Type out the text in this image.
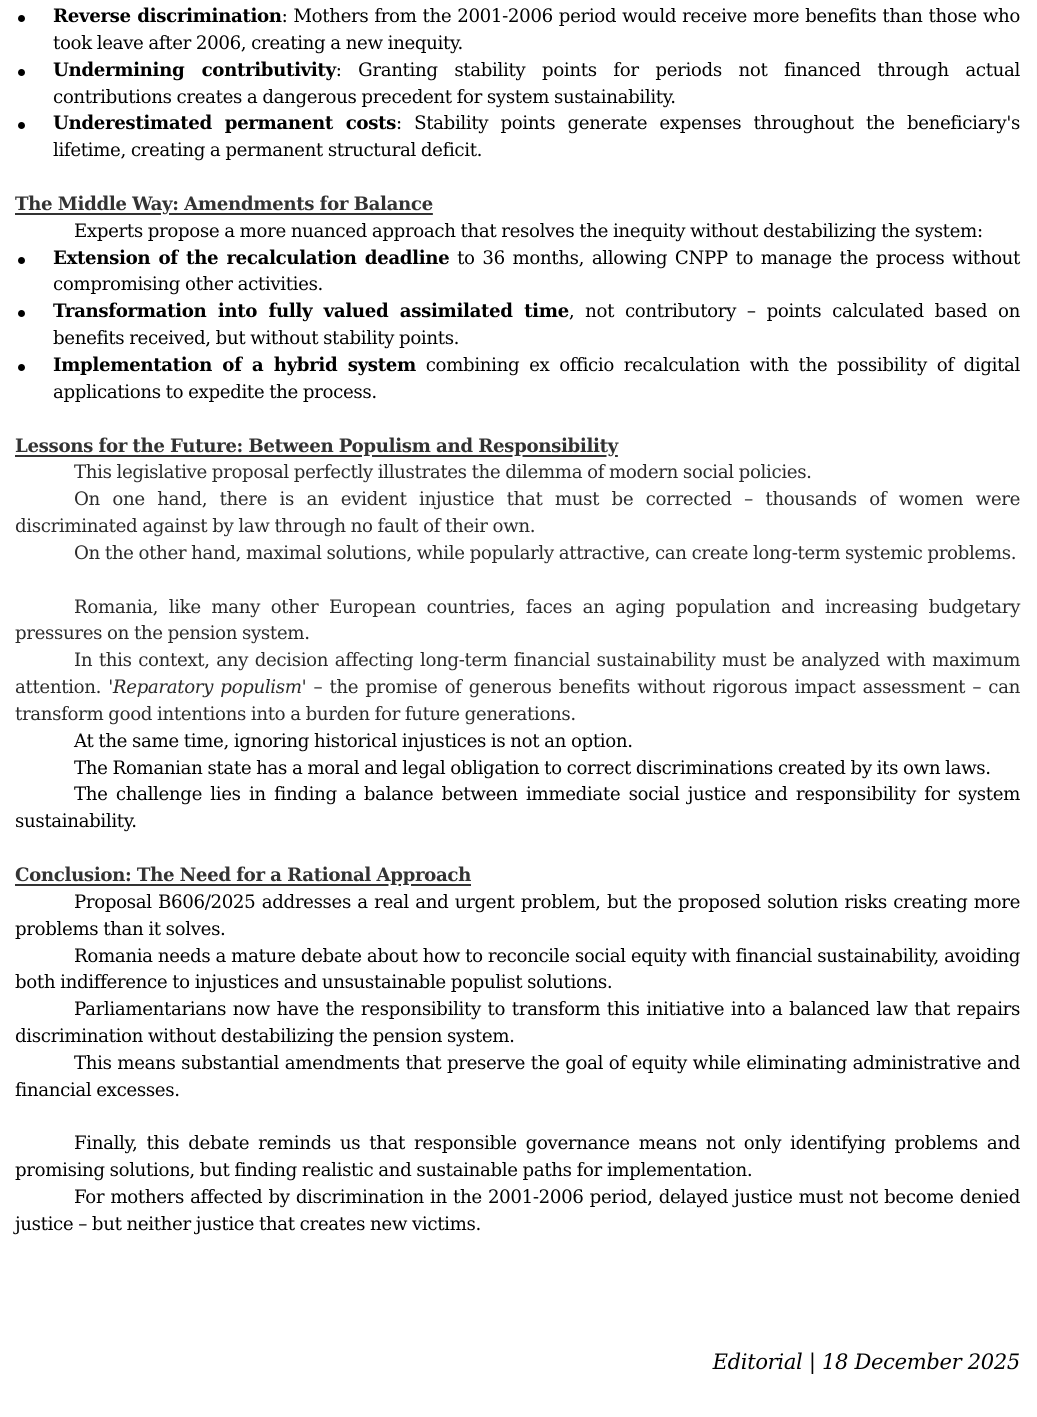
Reverse discrimination: Mothers from the 2001-2006 period would receive more benefits than those who took leave after 2006, creating a new inequity.
Undermining contributivity: Granting stability points for periods not financed through actual contributions creates a dangerous precedent for system sustainability.
Underestimated permanent costs: Stability points generate expenses throughout the beneficiary's lifetime, creating a permanent structural deficit.

The Middle Way: Amendments for Balance

Experts propose a more nuanced approach that resolves the inequity without destabilizing the system:

Extension of the recalculation deadline to 36 months, allowing CNPP to manage the process without compromising other activities.
Transformation into fully valued assimilated time, not contributory – points calculated based on benefits received, but without stability points.
Implementation of a hybrid system combining ex officio recalculation with the possibility of digital applications to expedite the process.

Lessons for the Future: Between Populism and Responsibility

This legislative proposal perfectly illustrates the dilemma of modern social policies.

On one hand, there is an evident injustice that must be corrected – thousands of women were discriminated against by law through no fault of their own.

On the other hand, maximal solutions, while popularly attractive, can create long-term systemic problems.

Romania, like many other European countries, faces an aging population and increasing budgetary pressures on the pension system.

In this context, any decision affecting long-term financial sustainability must be analyzed with maximum attention. 'Reparatory populism' – the promise of generous benefits without rigorous impact assessment – can transform good intentions into a burden for future generations.

At the same time, ignoring historical injustices is not an option.

The Romanian state has a moral and legal obligation to correct discriminations created by its own laws.

The challenge lies in finding a balance between immediate social justice and responsibility for system sustainability.

Conclusion: The Need for a Rational Approach

Proposal B606/2025 addresses a real and urgent problem, but the proposed solution risks creating more problems than it solves.

Romania needs a mature debate about how to reconcile social equity with financial sustainability, avoiding both indifference to injustices and unsustainable populist solutions.

Parliamentarians now have the responsibility to transform this initiative into a balanced law that repairs discrimination without destabilizing the pension system.

This means substantial amendments that preserve the goal of equity while eliminating administrative and financial excesses.

Finally, this debate reminds us that responsible governance means not only identifying problems and promising solutions, but finding realistic and sustainable paths for implementation.

For mothers affected by discrimination in the 2001-2006 period, delayed justice must not become denied justice – but neither justice that creates new victims.

Editorial | 18 December 2025
